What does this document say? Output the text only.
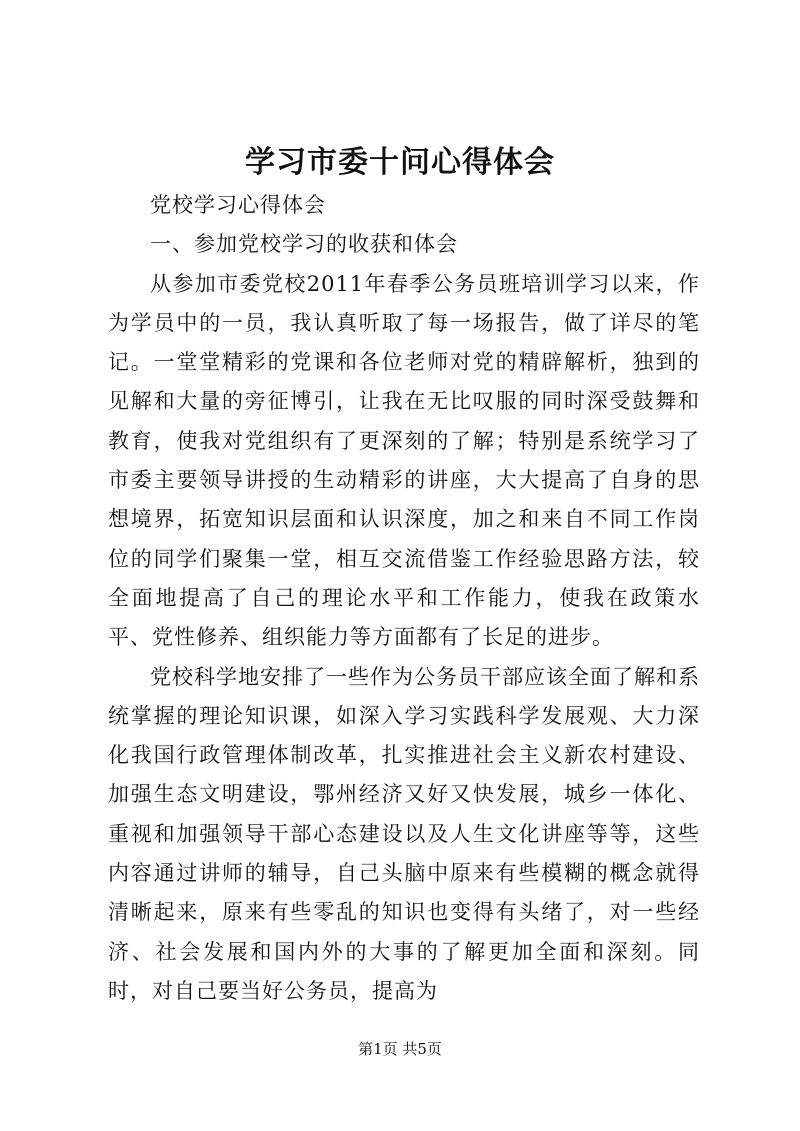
学习市委十问心得体会

党校学习心得体会

一、参加党校学习的收获和体会

从参加市委党校2011年春季公务员班培训学习以来，作为学员中的一员，我认真听取了每一场报告，做了详尽的笔记。一堂堂精彩的党课和各位老师对党的精辟解析，独到的见解和大量的旁征博引，让我在无比叹服的同时深受鼓舞和教育，使我对党组织有了更深刻的了解；特别是系统学习了市委主要领导讲授的生动精彩的讲座，大大提高了自身的思想境界，拓宽知识层面和认识深度，加之和来自不同工作岗位的同学们聚集一堂，相互交流借鉴工作经验思路方法，较全面地提高了自己的理论水平和工作能力，使我在政策水平、党性修养、组织能力等方面都有了长足的进步。

党校科学地安排了一些作为公务员干部应该全面了解和系统掌握的理论知识课，如深入学习实践科学发展观、大力深化我国行政管理体制改革，扎实推进社会主义新农村建设、加强生态文明建设，鄂州经济又好又快发展，城乡一体化、重视和加强领导干部心态建设以及人生文化讲座等等，这些内容通过讲师的辅导，自己头脑中原来有些模糊的概念就得清晰起来，原来有些零乱的知识也变得有头绪了，对一些经济、社会发展和国内外的大事的了解更加全面和深刻。同时，对自己要当好公务员，提高为

第1页 共5页
